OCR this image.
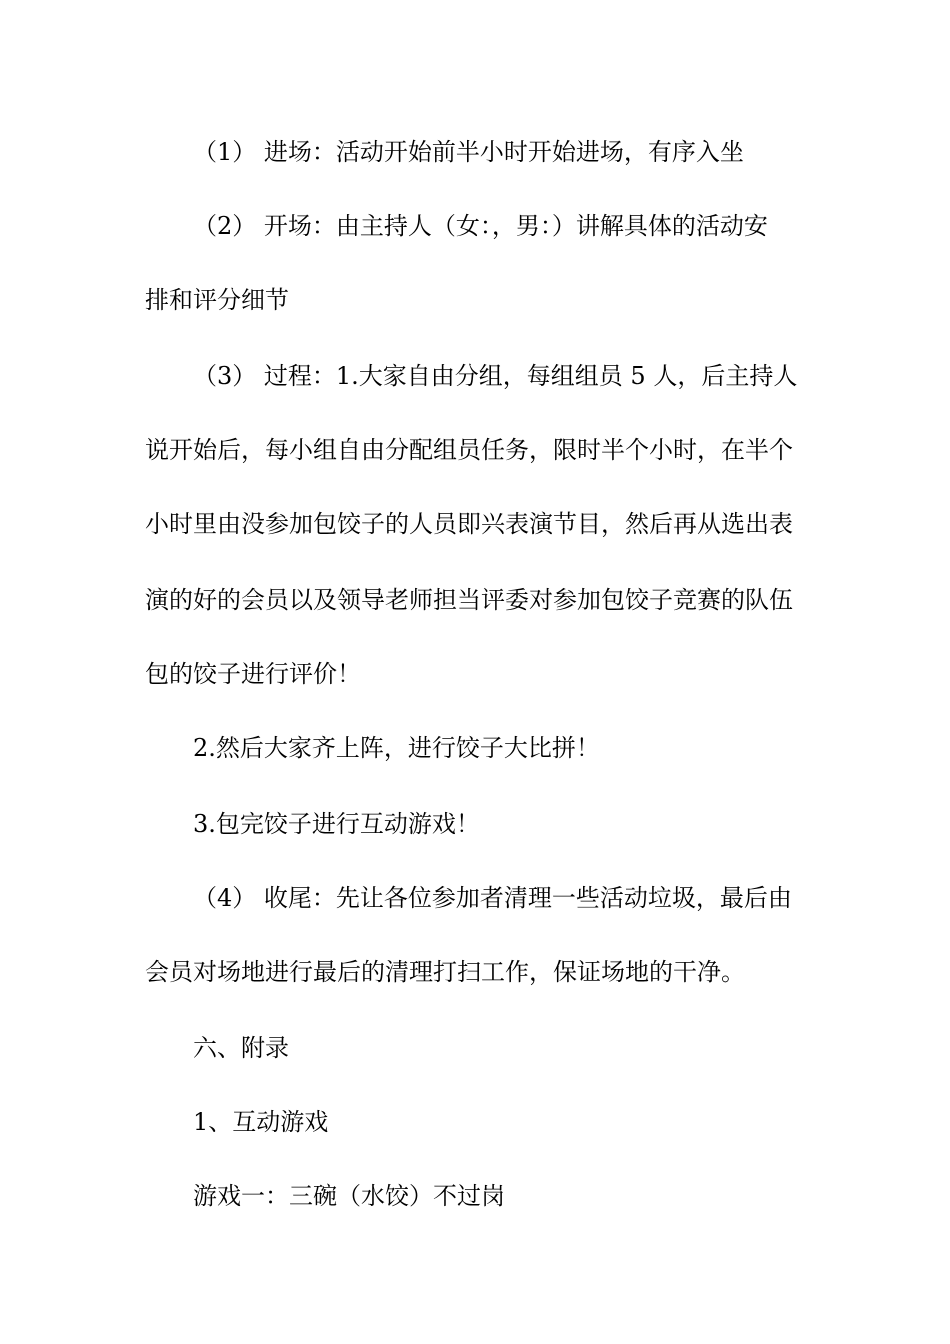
（1） 进场：活动开始前半小时开始进场，有序入坐
（2） 开场：由主持人（女：，男：）讲解具体的活动安
排和评分细节
（3） 过程：1.大家自由分组，每组组员 5 人，后主持人
说开始后，每小组自由分配组员任务，限时半个小时，在半个
小时里由没参加包饺子的人员即兴表演节目，然后再从选出表
演的好的会员以及领导老师担当评委对参加包饺子竞赛的队伍
包的饺子进行评价！
2.然后大家齐上阵，进行饺子大比拼！
3.包完饺子进行互动游戏！
（4） 收尾：先让各位参加者清理一些活动垃圾，最后由
会员对场地进行最后的清理打扫工作，保证场地的干净。
六、附录
1、互动游戏
游戏一：三碗（水饺）不过岗
